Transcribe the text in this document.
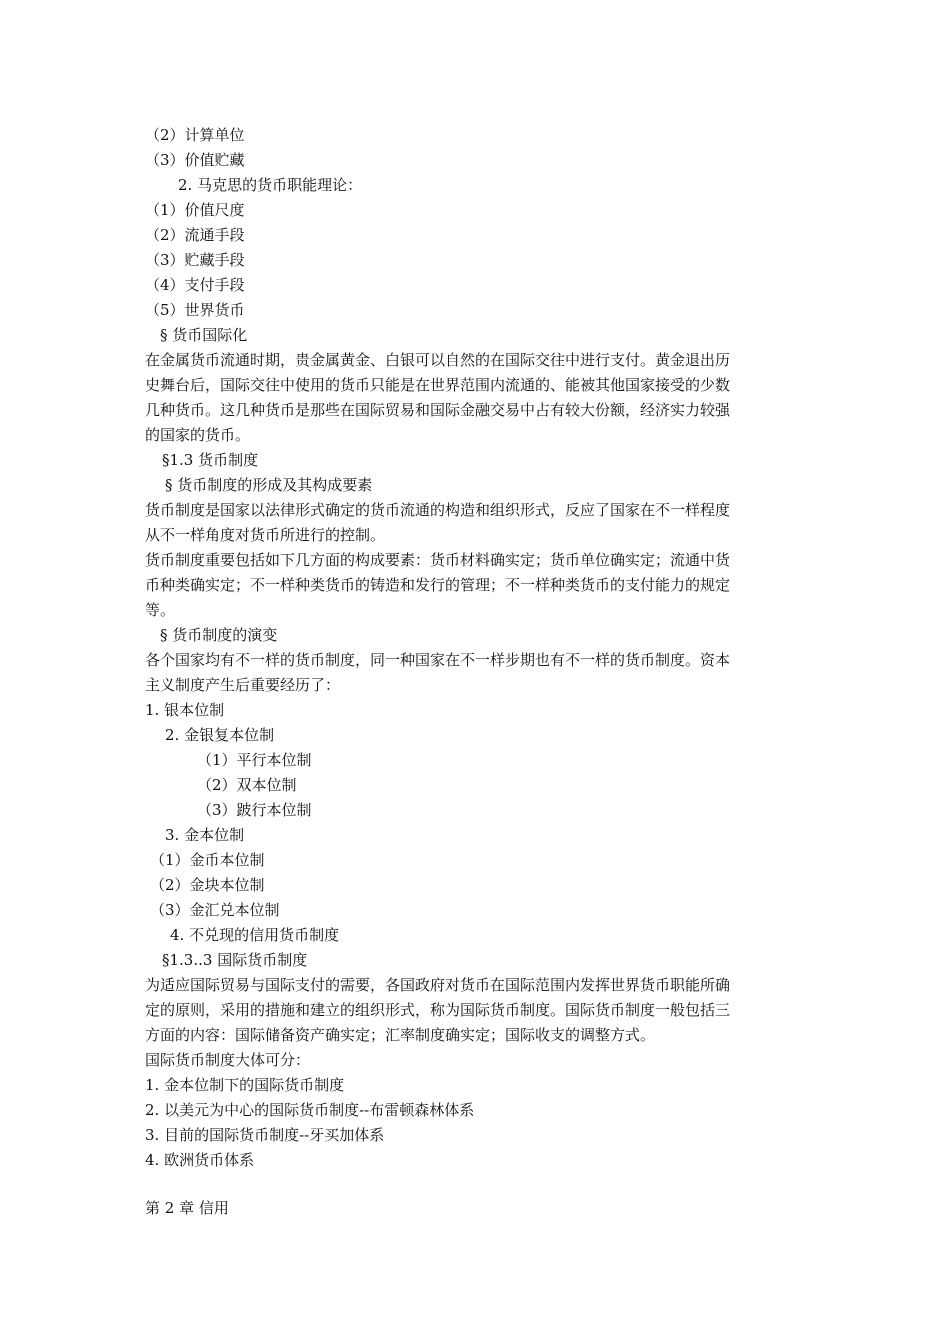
（2）计算单位

（3）价值贮藏

2. 马克思的货币职能理论：

（1）价值尺度

（2）流通手段

（3）贮藏手段

（4）支付手段

（5）世界货币

§ 货币国际化

在金属货币流通时期，贵金属黄金、白银可以自然的在国际交往中进行支付。黄金退出历

史舞台后，国际交往中使用的货币只能是在世界范围内流通的、能被其他国家接受的少数

几种货币。这几种货币是那些在国际贸易和国际金融交易中占有较大份额，经济实力较强

的国家的货币。

§1.3 货币制度

§ 货币制度的形成及其构成要素

货币制度是国家以法律形式确定的货币流通的构造和组织形式，反应了国家在不一样程度

从不一样角度对货币所进行的控制。

货币制度重要包括如下几方面的构成要素：货币材料确实定；货币单位确实定；流通中货

币种类确实定；不一样种类货币的铸造和发行的管理；不一样种类货币的支付能力的规定

等。

§ 货币制度的演变

各个国家均有不一样的货币制度，同一种国家在不一样步期也有不一样的货币制度。资本

主义制度产生后重要经历了：

1. 银本位制

2. 金银复本位制

（1）平行本位制

（2）双本位制

（3）跛行本位制

3. 金本位制

（1）金币本位制

（2）金块本位制

（3）金汇兑本位制

4. 不兑现的信用货币制度

§1.3..3 国际货币制度

为适应国际贸易与国际支付的需要，各国政府对货币在国际范围内发挥世界货币职能所确

定的原则，采用的措施和建立的组织形式，称为国际货币制度。国际货币制度一般包括三

方面的内容：国际储备资产确实定；汇率制度确实定；国际收支的调整方式。

国际货币制度大体可分：

1. 金本位制下的国际货币制度

2. 以美元为中心的国际货币制度--布雷顿森林体系

3. 目前的国际货币制度--牙买加体系

4. 欧洲货币体系

第 2 章 信用
